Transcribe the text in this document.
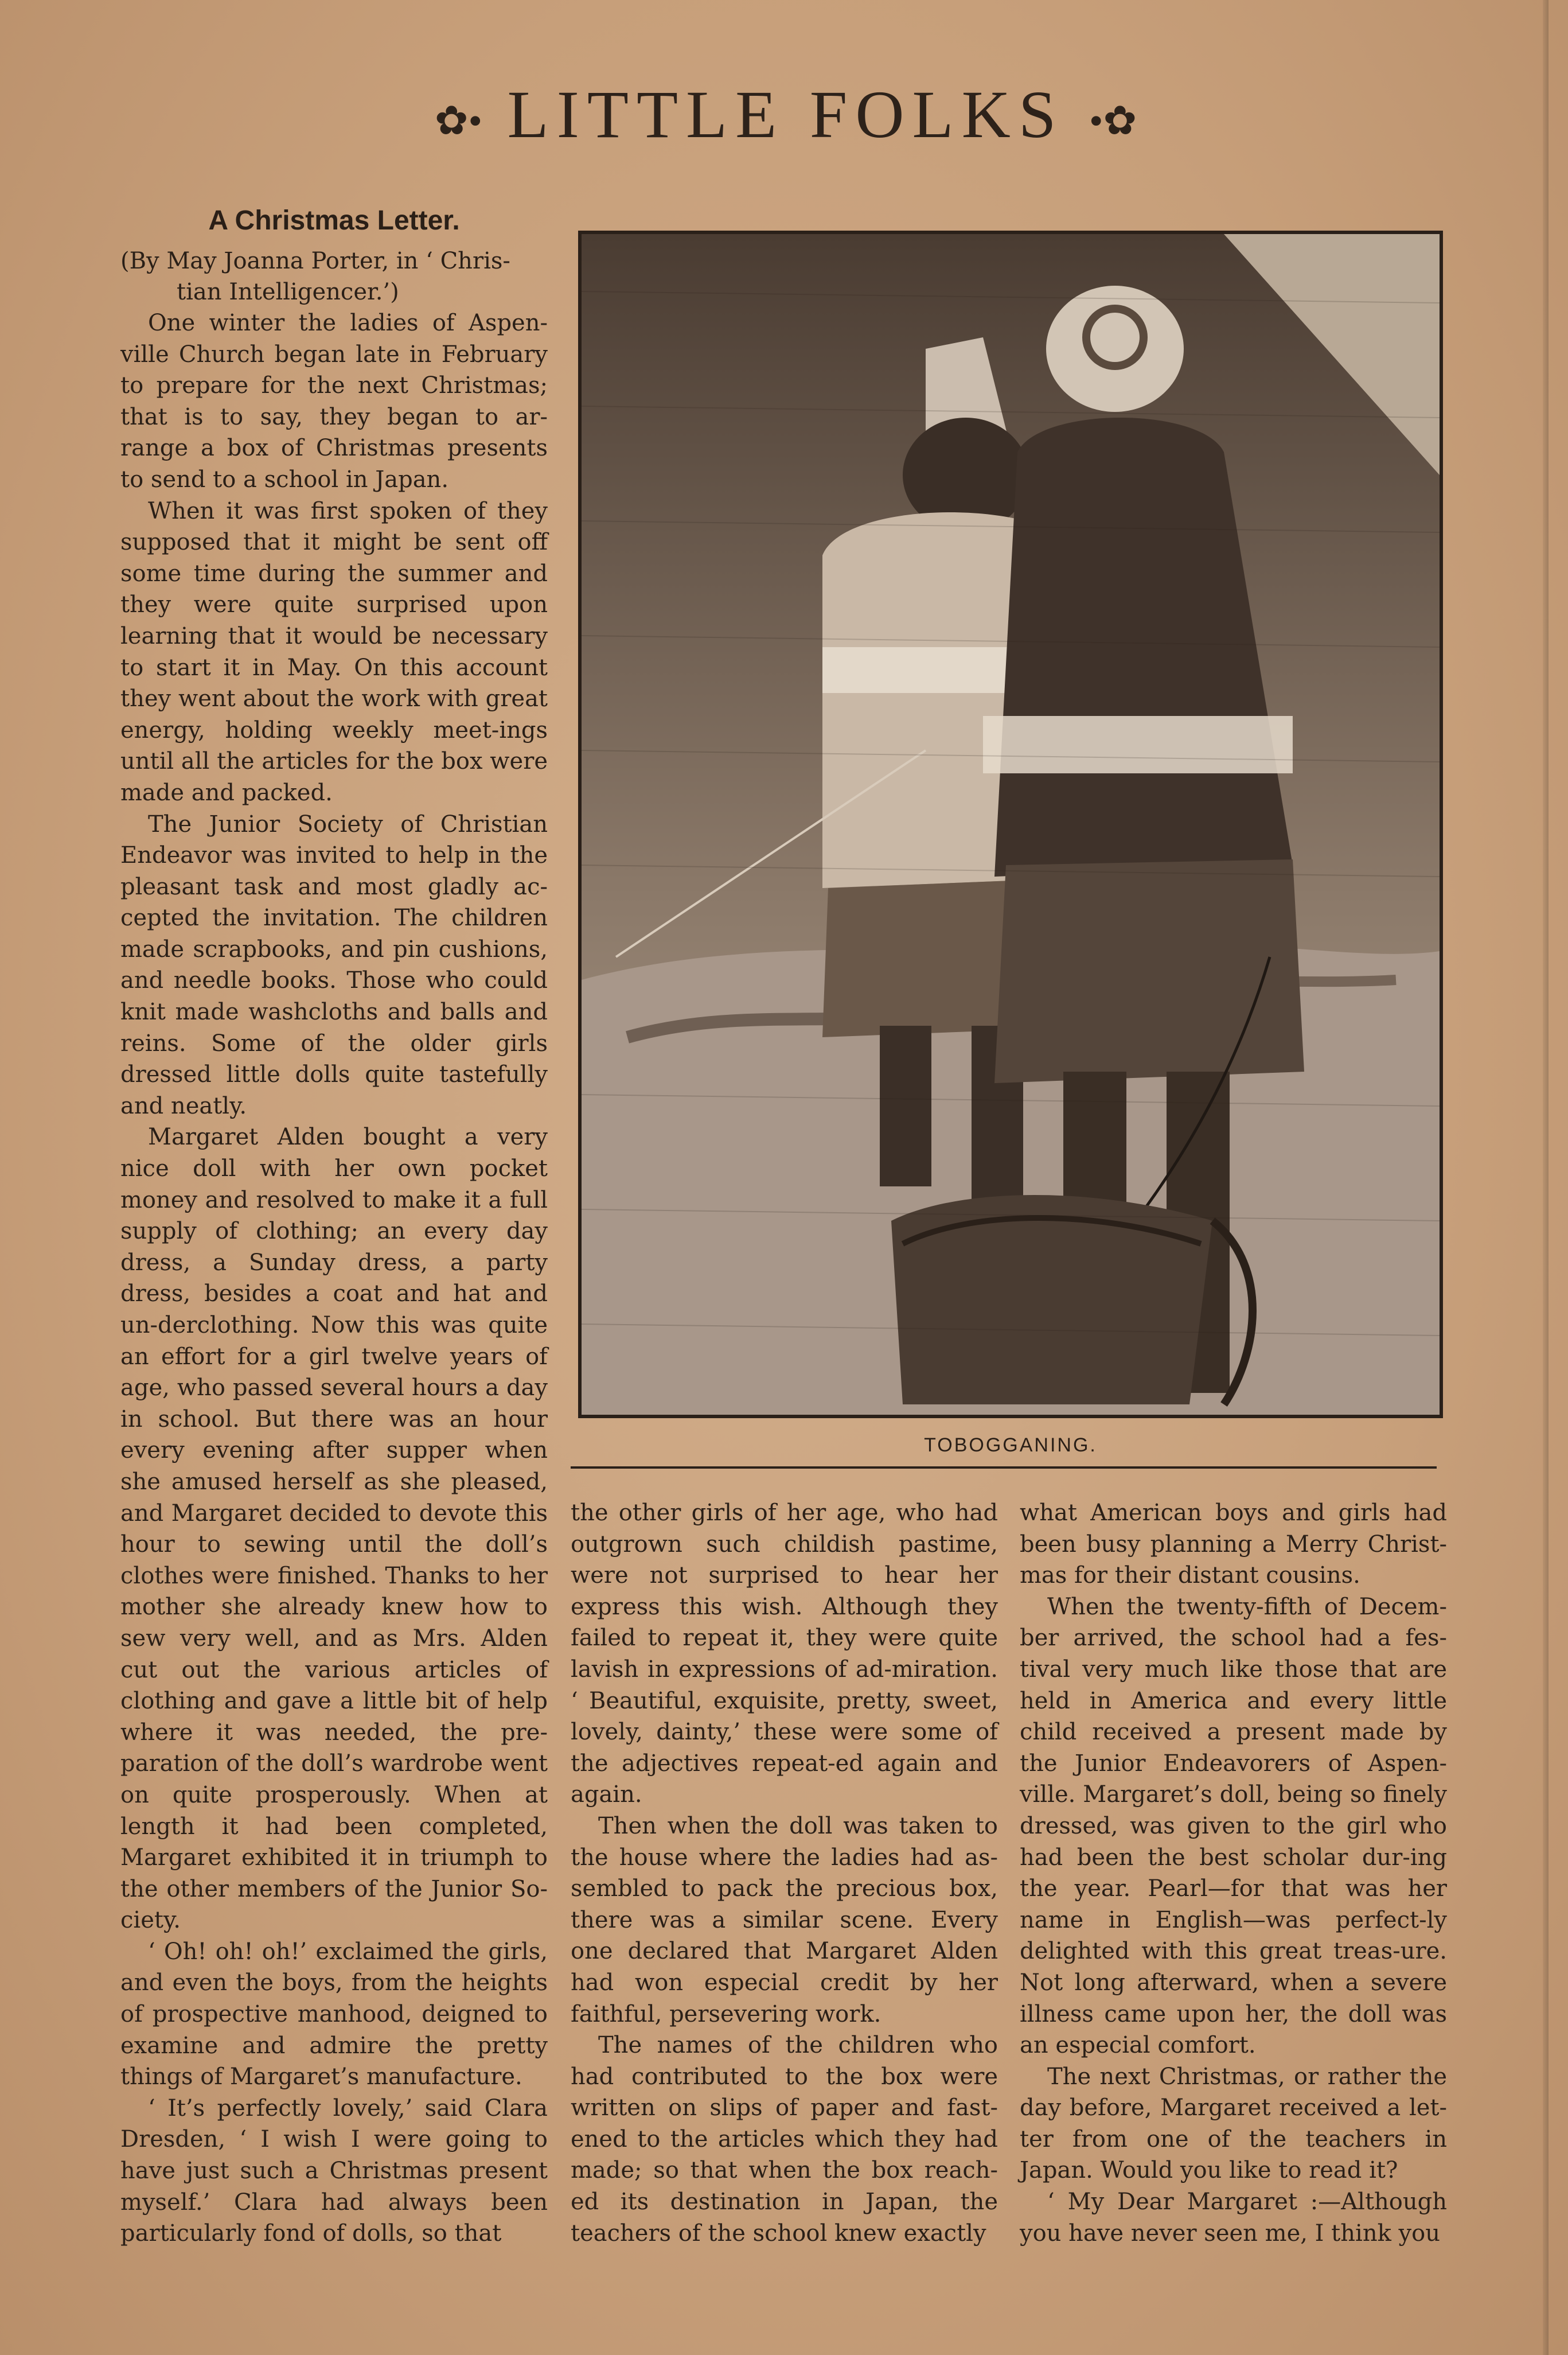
✿• LITTLE FOLKS •✿
A Christmas Letter.

(By May Joanna Porter, in ‘ Chris-
tian Intelligencer.’)

One winter the ladies of Aspen-ville Church began late in February to prepare for the next Christmas; that is to say, they began to ar-range a box of Christmas presents to send to a school in Japan.

When it was first spoken of they supposed that it might be sent off some time during the summer and they were quite surprised upon learning that it would be necessary to start it in May. On this account they went about the work with great energy, holding weekly meet-ings until all the articles for the box were made and packed.

The Junior Society of Christian Endeavor was invited to help in the pleasant task and most gladly ac-cepted the invitation. The children made scrapbooks, and pin cushions, and needle books. Those who could knit made washcloths and balls and reins. Some of the older girls dressed little dolls quite tastefully and neatly.

Margaret Alden bought a very nice doll with her own pocket money and resolved to make it a full supply of clothing; an every day dress, a Sunday dress, a party dress, besides a coat and hat and un-derclothing. Now this was quite an effort for a girl twelve years of age, who passed several hours a day in school. But there was an hour every evening after supper when she amused herself as she pleased, and Margaret decided to devote this hour to sewing until the doll’s clothes were finished. Thanks to her mother she already knew how to sew very well, and as Mrs. Alden cut out the various articles of clothing and gave a little bit of help where it was needed, the pre-paration of the doll’s wardrobe went on quite prosperously. When at length it had been completed, Margaret exhibited it in triumph to the other members of the Junior So-ciety.

‘ Oh! oh! oh!’ exclaimed the girls, and even the boys, from the heights of prospective manhood, deigned to examine and admire the pretty things of Margaret’s manufacture.

‘ It’s perfectly lovely,’ said Clara Dresden, ‘ I wish I were going to have just such a Christmas present myself.’ Clara had always been particularly fond of dolls, so that

TOBOGGANING.

the other girls of her age, who had outgrown such childish pastime, were not surprised to hear her express this wish. Although they failed to repeat it, they were quite lavish in expressions of ad-miration. ‘ Beautiful, exquisite, pretty, sweet, lovely, dainty,’ these were some of the adjectives repeat-ed again and again.

Then when the doll was taken to the house where the ladies had as-sembled to pack the precious box, there was a similar scene. Every one declared that Margaret Alden had won especial credit by her faithful, persevering work.

The names of the children who had contributed to the box were written on slips of paper and fast-ened to the articles which they had made; so that when the box reach-ed its destination in Japan, the teachers of the school knew exactly

what American boys and girls had been busy planning a Merry Christ-mas for their distant cousins.

When the twenty-fifth of Decem-ber arrived, the school had a fes-tival very much like those that are held in America and every little child received a present made by the Junior Endeavorers of Aspen-ville. Margaret’s doll, being so finely dressed, was given to the girl who had been the best scholar dur-ing the year. Pearl—for that was her name in English—was perfect-ly delighted with this great treas-ure. Not long afterward, when a severe illness came upon her, the doll was an especial comfort.

The next Christmas, or rather the day before, Margaret received a let-ter from one of the teachers in Japan. Would you like to read it?

‘ My Dear Margaret :—Although you have never seen me, I think you
